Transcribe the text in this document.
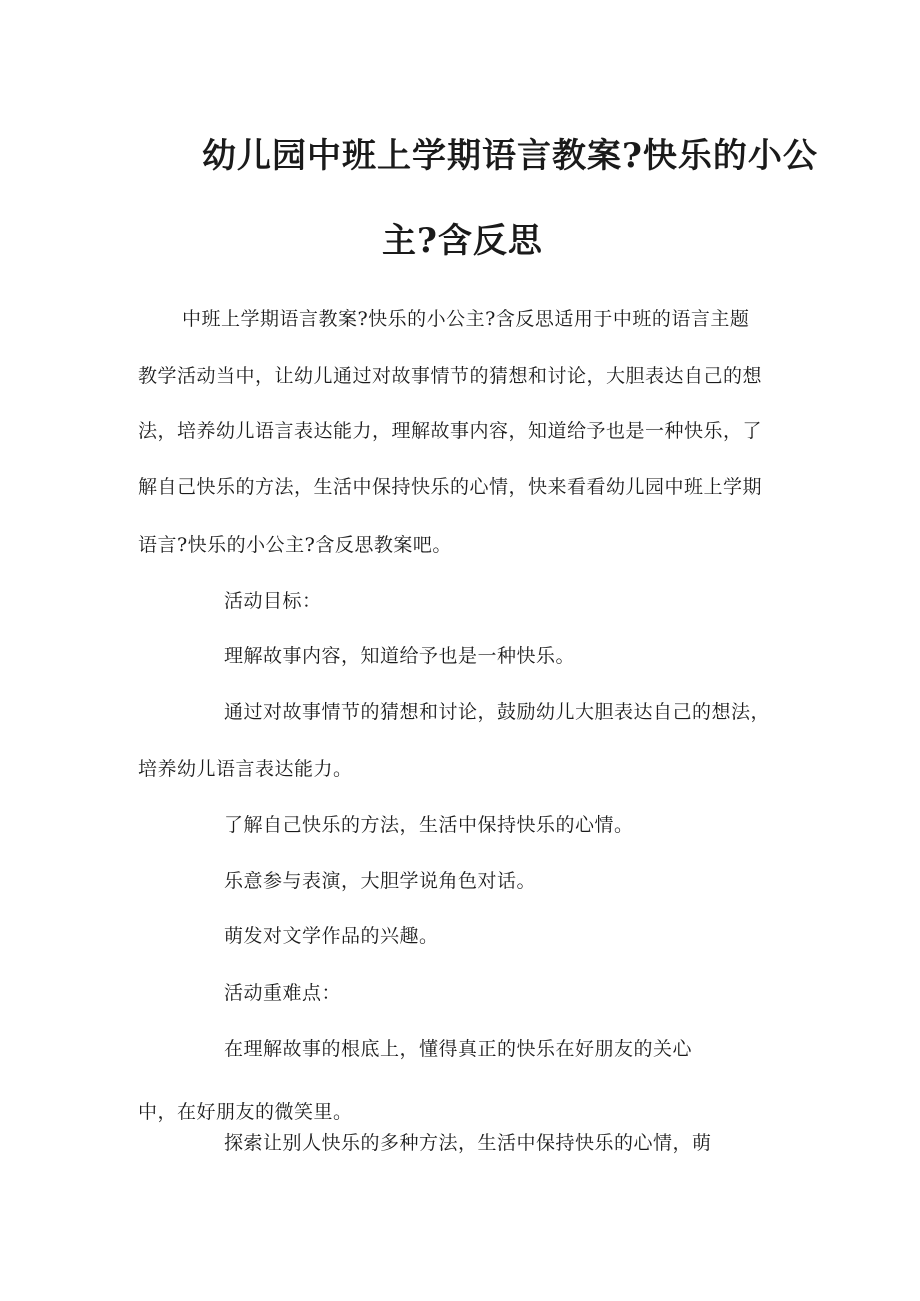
幼儿园中班上学期语言教案?快乐的小公
主?含反思

中班上学期语言教案?快乐的小公主?含反思适用于中班的语言主题

教学活动当中，让幼儿通过对故事情节的猜想和讨论，大胆表达自己的想

法，培养幼儿语言表达能力，理解故事内容，知道给予也是一种快乐，了

解自己快乐的方法，生活中保持快乐的心情，快来看看幼儿园中班上学期

语言?快乐的小公主?含反思教案吧。

活动目标：

理解故事内容，知道给予也是一种快乐。

通过对故事情节的猜想和讨论，鼓励幼儿大胆表达自己的想法，

培养幼儿语言表达能力。

了解自己快乐的方法，生活中保持快乐的心情。

乐意参与表演，大胆学说角色对话。

萌发对文学作品的兴趣。

活动重难点：

在理解故事的根底上，懂得真正的快乐在好朋友的关心

中，在好朋友的微笑里。

探索让别人快乐的多种方法，生活中保持快乐的心情，萌
